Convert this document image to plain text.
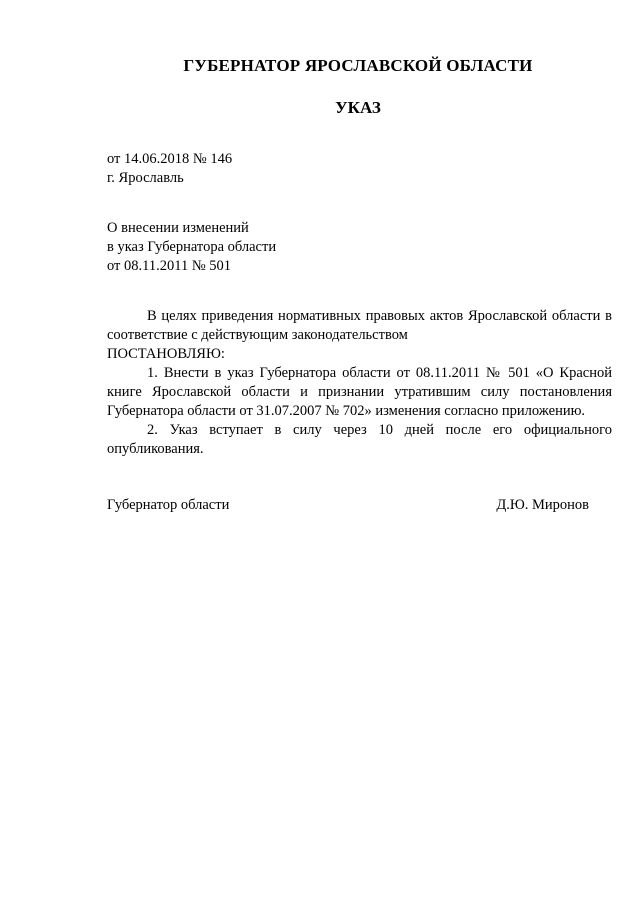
ГУБЕРНАТОР ЯРОСЛАВСКОЙ ОБЛАСТИ
УКАЗ
от 14.06.2018 № 146
г. Ярославль
О внесении изменений
в указ Губернатора области
от 08.11.2011 № 501

В целях приведения нормативных правовых актов Ярославской области в соответствие с действующим законодательством

ПОСТАНОВЛЯЮ:

1. Внести в указ Губернатора области от 08.11.2011 № 501 «О Красной книге Ярославской области и признании утратившим силу постановления Губернатора области от 31.07.2007 № 702» изменения согласно приложению.

2. Указ вступает в силу через 10 дней после его официального опубликования.

Губернатор области	Д.Ю. Миронов
